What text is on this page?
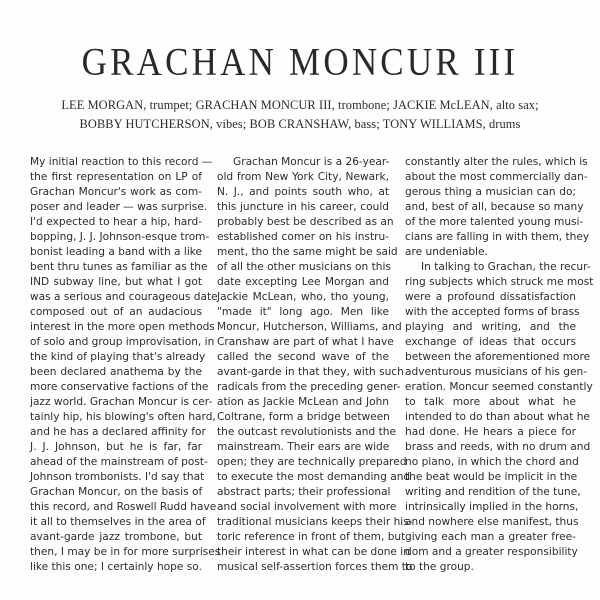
GRACHAN MONCUR III
LEE MORGAN, trumpet; GRACHAN MONCUR III, trombone; JACKIE McLEAN, alto sax;
BOBBY HUTCHERSON, vibes; BOB CRANSHAW, bass; TONY WILLIAMS, drums
My initial reaction to this record —
the first representation on LP of
Grachan Moncur's work as com-
poser and leader — was surprise.
I'd expected to hear a hip, hard-
bopping, J. J. Johnson-esque trom-
bonist leading a band with a like
bent thru tunes as familiar as the
IND subway line, but what I got
was a serious and courageous date
composed out of an audacious
interest in the more open methods
of solo and group improvisation, in
the kind of playing that's already
been declared anathema by the
more conservative factions of the
jazz world. Grachan Moncur is cer-
tainly hip, his blowing's often hard,
and he has a declared affinity for
J. J. Johnson, but he is far, far
ahead of the mainstream of post-
Johnson trombonists. I'd say that
Grachan Moncur, on the basis of
this record, and Roswell Rudd have
it all to themselves in the area of
avant-garde jazz trombone, but
then, I may be in for more surprises
like this one; I certainly hope so.
Grachan Moncur is a 26-year-
old from New York City, Newark,
N. J., and points south who, at
this juncture in his career, could
probably best be described as an
established comer on his instru-
ment, tho the same might be said
of all the other musicians on this
date excepting Lee Morgan and
Jackie McLean, who, tho young,
"made it" long ago. Men like
Moncur, Hutcherson, Williams, and
Cranshaw are part of what I have
called the second wave of the
avant-garde in that they, with such
radicals from the preceding gener-
ation as Jackie McLean and John
Coltrane, form a bridge between
the outcast revolutionists and the
mainstream. Their ears are wide
open; they are technically prepared
to execute the most demanding and
abstract parts; their professional
and social involvement with more
traditional musicians keeps their his-
toric reference in front of them, but
their interest in what can be done in
musical self-assertion forces them to
constantly alter the rules, which is
about the most commercially dan-
gerous thing a musician can do;
and, best of all, because so many
of the more talented young musi-
cians are falling in with them, they
are undeniable.
In talking to Grachan, the recur-
ring subjects which struck me most
were a profound dissatisfaction
with the accepted forms of brass
playing and writing, and the
exchange of ideas that occurs
between the aforementioned more
adventurous musicians of his gen-
eration. Moncur seemed constantly
to talk more about what he
intended to do than about what he
had done. He hears a piece for
brass and reeds, with no drum and
no piano, in which the chord and
the beat would be implicit in the
writing and rendition of the tune,
intrinsically implied in the horns,
and nowhere else manifest, thus
giving each man a greater free-
dom and a greater responsibility
to the group.
